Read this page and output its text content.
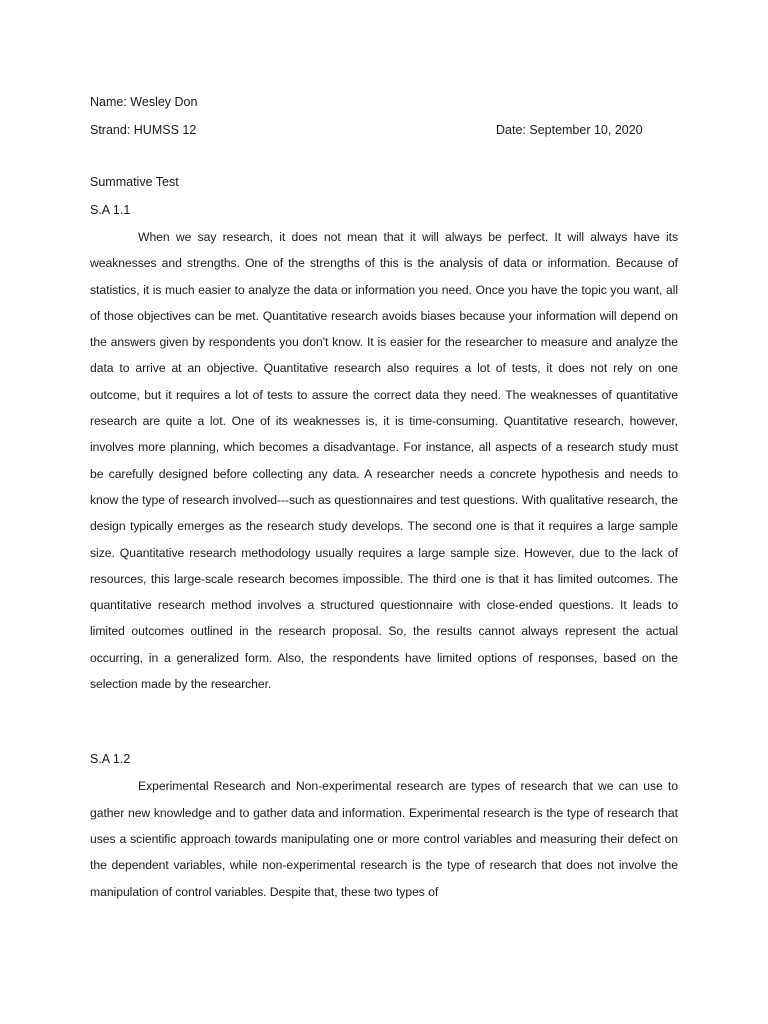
Name: Wesley Don
Strand: HUMSS 12	Date: September 10, 2020
Summative Test
S.A 1.1

When we say research, it does not mean that it will always be perfect. It will always have its weaknesses and strengths. One of the strengths of this is the analysis of data or information. Because of statistics, it is much easier to analyze the data or information you need. Once you have the topic you want, all of those objectives can be met. Quantitative research avoids biases because your information will depend on the answers given by respondents you don't know. It is easier for the researcher to measure and analyze the data to arrive at an objective. Quantitative research also requires a lot of tests, it does not rely on one outcome, but it requires a lot of tests to assure the correct data they need. The weaknesses of quantitative research are quite a lot. One of its weaknesses is, it is time-consuming. Quantitative research, however, involves more planning, which becomes a disadvantage. For instance, all aspects of a research study must be carefully designed before collecting any data. A researcher needs a concrete hypothesis and needs to know the type of research involved---such as questionnaires and test questions. With qualitative research, the design typically emerges as the research study develops. The second one is that it requires a large sample size. Quantitative research methodology usually requires a large sample size. However, due to the lack of resources, this large-scale research becomes impossible. The third one is that it has limited outcomes. The quantitative research method involves a structured questionnaire with close-ended questions. It leads to limited outcomes outlined in the research proposal. So, the results cannot always represent the actual occurring, in a generalized form. Also, the respondents have limited options of responses, based on the selection made by the researcher.

S.A 1.2

Experimental Research and Non-experimental research are types of research that we can use to gather new knowledge and to gather data and information. Experimental research is the type of research that uses a scientific approach towards manipulating one or more control variables and measuring their defect on the dependent variables, while non-experimental research is the type of research that does not involve the manipulation of control variables. Despite that, these two types of
